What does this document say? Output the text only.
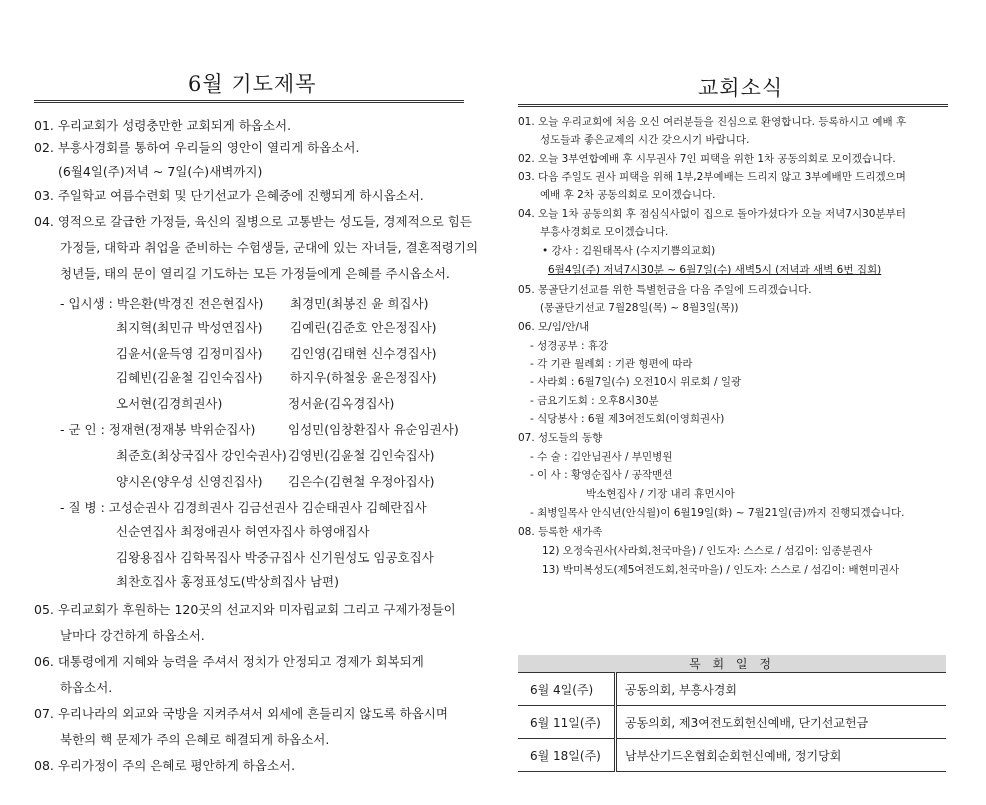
6월 기도제목
01. 우리교회가 성령충만한 교회되게 하옵소서.
02. 부흥사경회를 통하여 우리들의 영안이 열리게 하옵소서.
(6월4일(주)저녁 ~ 7일(수)새벽까지)
03. 주일학교 여름수련회 및 단기선교가 은혜중에 진행되게 하시옵소서.
04. 영적으로 갈급한 가정들, 육신의 질병으로 고통받는 성도들, 경제적으로 힘든
가정들, 대학과 취업을 준비하는 수험생들, 군대에 있는 자녀들, 결혼적령기의
청년들, 태의 문이 열리길 기도하는 모든 가정들에게 은혜를 주시옵소서.
- 입시생 : 박은환(박경진 전은현집사) 최경민(최봉진 윤 희집사)
최지혁(최민규 박성연집사) 김예린(김준호 안은정집사)
김윤서(윤득영 김정미집사) 김인영(김태현 신수경집사)
김혜빈(김윤철 김인숙집사) 하지우(하철웅 윤은정집사)
오서현(김경희권사)	정서윤(김옥경집사)
- 군 인 : 정재현(정재봉 박위순집사)	임성민(임창환집사 유순임권사)
최준호(최상국집사 강인숙권사) 김영빈(김윤철 김인숙집사)
양시온(양우성 신영진집사) 김은수(김현철 우정아집사)
- 질 병 : 고성순권사 김경희권사 김금선권사 김순태권사 김혜란집사
신순연집사 최정애권사 허연자집사 하영애집사
김왕용집사 김학목집사 박중규집사 신기원성도 임공호집사
최찬호집사 홍정표성도(박상희집사 남편)
05. 우리교회가 후원하는 120곳의 선교지와 미자립교회 그리고 구제가정들이
날마다 강건하게 하옵소서.
06. 대통령에게 지혜와 능력을 주셔서 정치가 안정되고 경제가 회복되게
하옵소서.
07. 우리나라의 외교와 국방을 지켜주셔서 외세에 흔들리지 않도록 하옵시며
북한의 핵 문제가 주의 은혜로 해결되게 하옵소서.
08. 우리가정이 주의 은혜로 평안하게 하옵소서.
교회소식
01. 오늘 우리교회에 처음 오신 여러분들을 진심으로 환영합니다. 등록하시고 예배 후
성도들과 좋은교제의 시간 갖으시기 바랍니다.
02. 오늘 3부연합예배 후 시무권사 7인 피택을 위한 1차 공동의회로 모이겠습니다.
03. 다음 주일도 권사 피택을 위해 1부,2부예배는 드리지 않고 3부예배만 드리겠으며
예배 후 2차 공동의회로 모이겠습니다.
04. 오늘 1차 공동의회 후 점심식사없이 집으로 돌아가셨다가 오늘 저녁7시30분부터
부흥사경회로 모이겠습니다.
• 강사 : 김원태목사 (수지기쁨의교회)
6월4일(주) 저녁7시30분 ~ 6월7일(수) 새벽5시 (저녁과 새벽 6번 집회)
05. 몽골단기선교를 위한 특별헌금을 다음 주일에 드리겠습니다.
(몽골단기선교 7월28일(목) ~ 8월3일(목))
06. 모/임/안/내
- 성경공부 : 휴강
- 각 기관 월례회 : 기관 형편에 따라
- 사라회 : 6월7일(수) 오전10시 위로회 / 일광
- 금요기도회 : 오후8시30분
- 식당봉사 : 6월 제3여전도회(이영희권사)
07. 성도들의 동향
- 수 술 : 김안님권사 / 부민병원
- 이 사 : 황영순집사 / 공작맨션
박소현집사 / 기장 내리 휴먼시아
- 최병일목사 안식년(안식월)이 6월19일(화) ~ 7월21일(금)까지 진행되겠습니다.
08. 등록한 새가족
12) 오정숙권사(사라회,천국마을) / 인도자: 스스로 / 섬김이: 임종분권사
13) 박미복성도(제5여전도회,천국마을) / 인도자: 스스로 / 섬김이: 배현미권사
목 회 일 정	
6월 4일(주)	공동의회, 부흥사경회
6월 11일(주)	공동의회, 제3여전도회헌신예배, 단기선교헌금
6월 18일(주)	남부산기드온협회순회헌신예배, 정기당회
